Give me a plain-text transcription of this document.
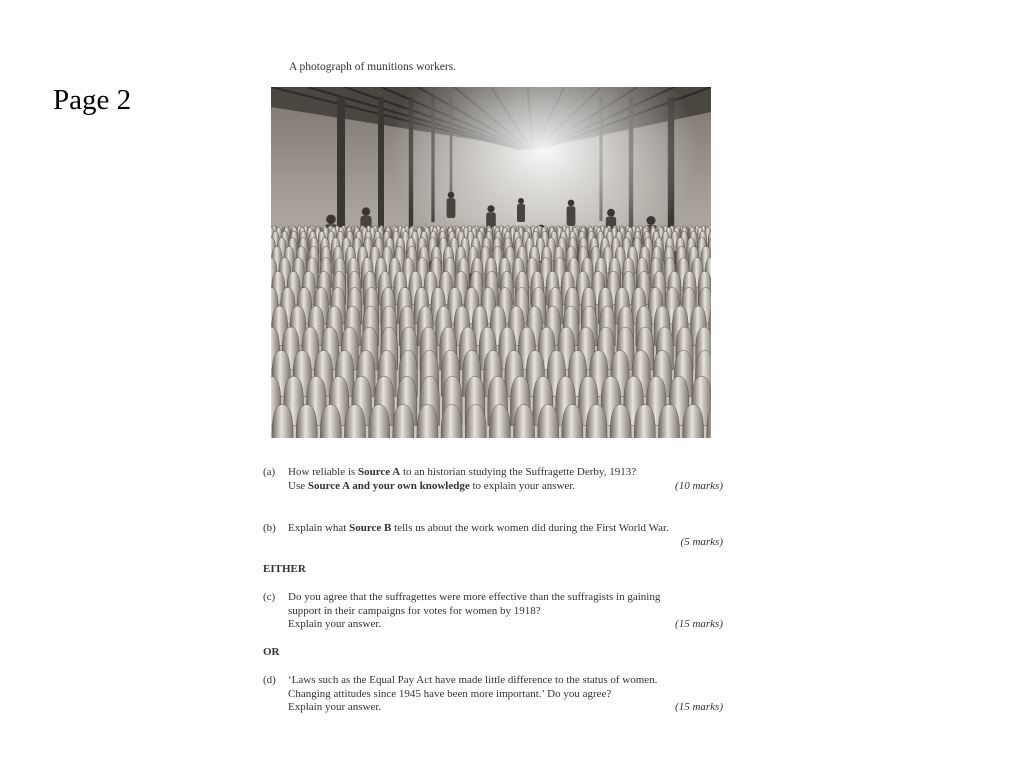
Page 2
A photograph of munitions workers.
(a)	How reliable is Source A to an historian studying the Suffragette Derby, 1913?
Use Source A and your own knowledge to explain your answer.	(10 marks)
(b)	Explain what Source B tells us about the work women did during the First World War.
(5 marks)

EITHER
(c)	Do you agree that the suffragettes were more effective than the suffragists in gaining
support in their campaigns for votes for women by 1918?
Explain your answer.	(15 marks)
OR
(d)	‘Laws such as the Equal Pay Act have made little difference to the status of women.
Changing attitudes since 1945 have been more important.’ Do you agree?
Explain your answer.	(15 marks)
